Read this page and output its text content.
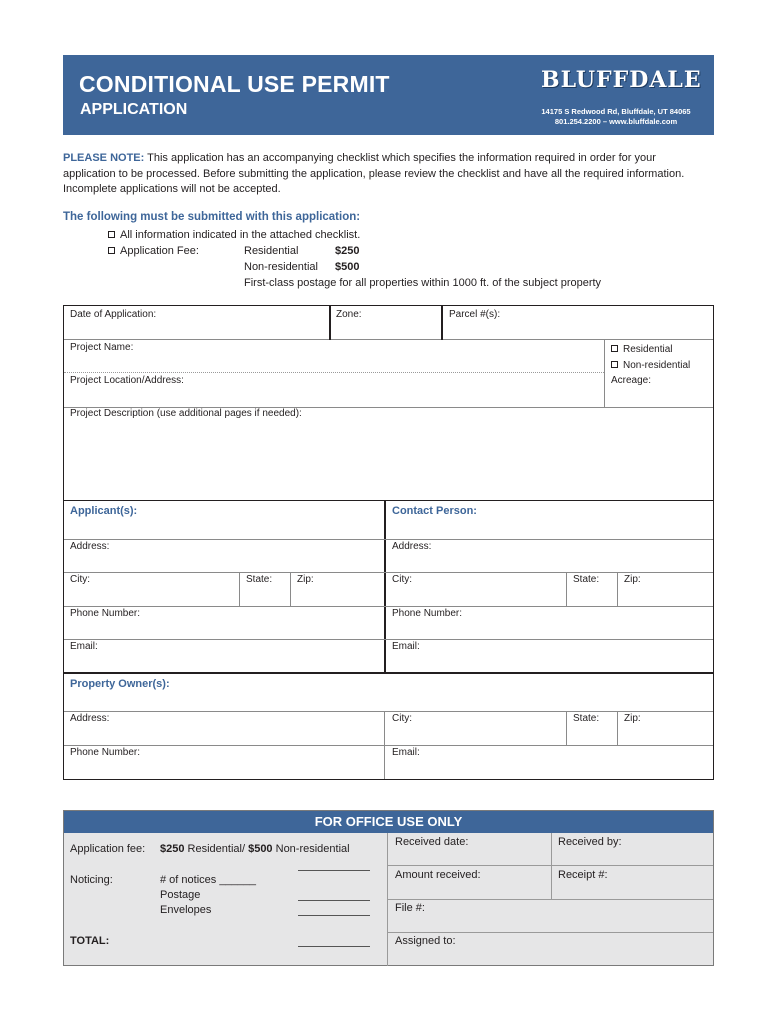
CONDITIONAL USE PERMIT
APPLICATION
BLUFFDALE
14175 S Redwood Rd, Bluffdale, UT 84065
801.254.2200 – www.bluffdale.com
PLEASE NOTE: This application has an accompanying checklist which specifies the information required in order for your
application to be processed. Before submitting the application, please review the checklist and have all the required information.
Incomplete applications will not be accepted.
The following must be submitted with this application:
All information indicated in the attached checklist.
Application Fee:	Residential	$250
Non-residential $500
First-class postage for all properties within 1000 ft. of the subject property
Date of Application:	Zone:	Parcel #(s):
Project Name:	Residential
Non-residential
Project Location/Address:	Acreage:
Project Description (use additional pages if needed):
Applicant(s):	Contact Person:
Address:	Address:
City:	State: Zip:	City:	State: Zip:
Phone Number:	Phone Number:
Email:	Email:
Property Owner(s):
Address:	City:	State: Zip:
Phone Number:	Email:
FOR OFFICE USE ONLY
Received date:	Received by:
Amount received:	Receipt #:
File #:
Assigned to:
Application fee: $250 Residential/ $500 Non-residential
Noticing:	# of notices ______
Postage
Envelopes
TOTAL:
